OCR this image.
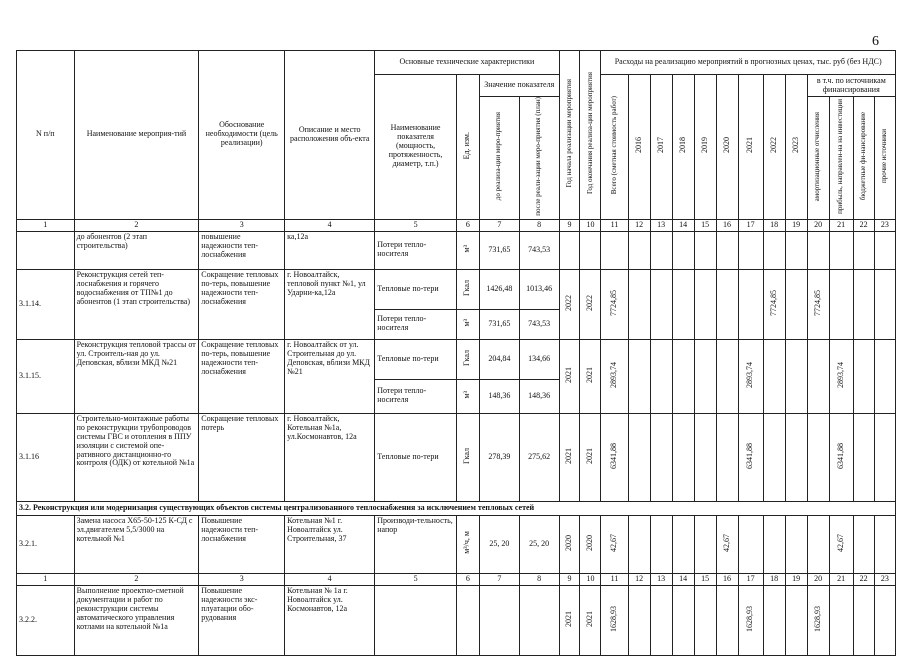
6
N п/п	Наименование мероприя-тий	Обоснование необходимости (цель реализации)	Описание и место расположения объ-екта	Основные технические характеристики				Год начала реализации мероприятия	Год окончания реализа-ции мероприятия	Расходы на реализацию мероприятий в прогнозных ценах, тыс. руб (без НДС)												
				Наименование показателя (мощность, протяженность, диаметр, т.п.)	Ед. изм.	Значение показателя				Всего (сметная стоимость работ)	2016	2017	2018	2019	2020	2021	2022	2023	в т.ч. по источникам финансирования			
						до реализа-ции меро-приятия	после реали-зации меро-приятия (план)												амортизационные отчисления	прибыль, направлен-на на инвестиции	бюджетные фи-нансирование	прочие источники
1	2	3	4	5	6	7	8	9	10	11	12	13	14	15	16	17	18	19	20	21	22	23
	до абонентов (2 этап строительства)	повышение надежности теп-лоснабжения	ка,12а	Потери тепло-носителя	м³	731,65	743,53															
3.1.14.	Реконструкция сетей теп-лоснабжения и горячего водоснабжения от ТП№1 до абонентов (1 этап строительства)	Сокращение тепловых по-терь, повышение надежности теп-лоснабжения	г. Новоалтайск, тепловой пункт №1, ул Ударни-ка,12а	Тепловые по-тери	Гкал	1426,48	1013,46	2022	2022	7724,85							7724,85		7724,85			
				Потери тепло-носителя	м³	731,65	743,53															
3.1.15.	Реконструкция тепловой трассы от ул. Строитель-ная до ул. Деповская, вблизи МКД №21	Сокращение тепловых по-терь, повышение надежности теп-лоснабжения	г. Новоалтайск от ул. Строительная до ул. Деповская, вблизи МКД №21	Тепловые по-тери	Гкал	204,84	134,66	2021	2021	2893,74						2893,74				2893,74		
				Потери тепло-носителя	м³	148,36	148,36															
3.1.16	Строительно-монтажные работы по реконструкции трубопроводов системы ГВС и отопления в ППУ изоляции с системой опе-ративного дистанционно-го контроля (ОДК) от котельной №1а	Сокращение тепловых потерь	г. Новоалтайск, Котельная №1а, ул.Космонавтов, 12а	Тепловые по-тери	Гкал	278,39	275,62	2021	2021	6341,88						6341,88				6341,88		
3.2. Реконструкция или модернизация существующих объектов системы централизованного теплоснабжения за исключением тепловых сетей																						
3.2.1.	Замена насоса Х65-50-125 К-СД с эл.двигателем 5,5/3000 на котельной №1	Повышение надежности теп-лоснабжения	Котельная №1 г. Новоалтайск ул. Строительная, 37	Производи-тельность, напор	м³/ч, м	25, 20	25, 20	2020	2020	42,67					42,67					42,67		
1	2	3	4	5	6	7	8	9	10	11	12	13	14	15	16	17	18	19	20	21	22	23
3.2.2.	Выполнение проектно-сметной документации и работ по реконструкции системы автоматического управления котлами на котельной №1а	Повышение надежности экс-плуатации обо-рудования	Котельная № 1а г. Новоалтайск ул. Космонавтов, 12а					2021	2021	1628,93						1628,93			1628,93			
